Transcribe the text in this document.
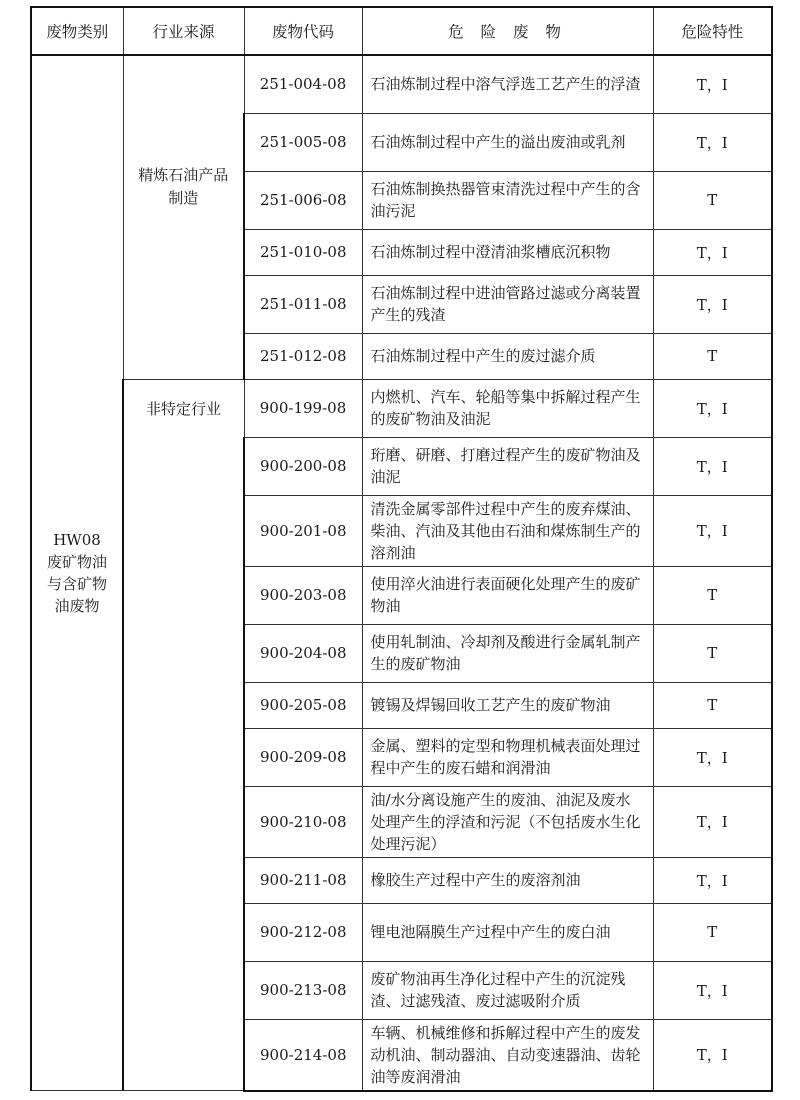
废物类别	行业来源	废物代码	危 险 废 物	危险特性

HW08
废矿物油与含矿物油废物	精炼石油产品制造	251-004-08	石油炼制过程中溶气浮选工艺产生的浮渣	T，I
		251-005-08	石油炼制过程中产生的溢出废油或乳剂	T，I
		251-006-08	石油炼制换热器管束清洗过程中产生的含油污泥	T
		251-010-08	石油炼制过程中澄清油浆槽底沉积物	T，I
		251-011-08	石油炼制过程中进油管路过滤或分离装置产生的残渣	T，I
		251-012-08	石油炼制过程中产生的废过滤介质	T
	非特定行业	900-199-08	内燃机、汽车、轮船等集中拆解过程产生的废矿物油及油泥	T，I
		900-200-08	珩磨、研磨、打磨过程产生的废矿物油及油泥	T，I
		900-201-08	清洗金属零部件过程中产生的废弃煤油、柴油、汽油及其他由石油和煤炼制生产的溶剂油	T，I
		900-203-08	使用淬火油进行表面硬化处理产生的废矿物油	T
		900-204-08	使用轧制油、冷却剂及酸进行金属轧制产生的废矿物油	T
		900-205-08	镀锡及焊锡回收工艺产生的废矿物油	T
		900-209-08	金属、塑料的定型和物理机械表面处理过程中产生的废石蜡和润滑油	T，I
		900-210-08	油/水分离设施产生的废油、油泥及废水处理产生的浮渣和污泥（不包括废水生化处理污泥）	T，I
		900-211-08	橡胶生产过程中产生的废溶剂油	T，I
		900-212-08	锂电池隔膜生产过程中产生的废白油	T
		900-213-08	废矿物油再生净化过程中产生的沉淀残渣、过滤残渣、废过滤吸附介质	T，I
		900-214-08	车辆、机械维修和拆解过程中产生的废发动机油、制动器油、自动变速器油、齿轮油等废润滑油	T，I
